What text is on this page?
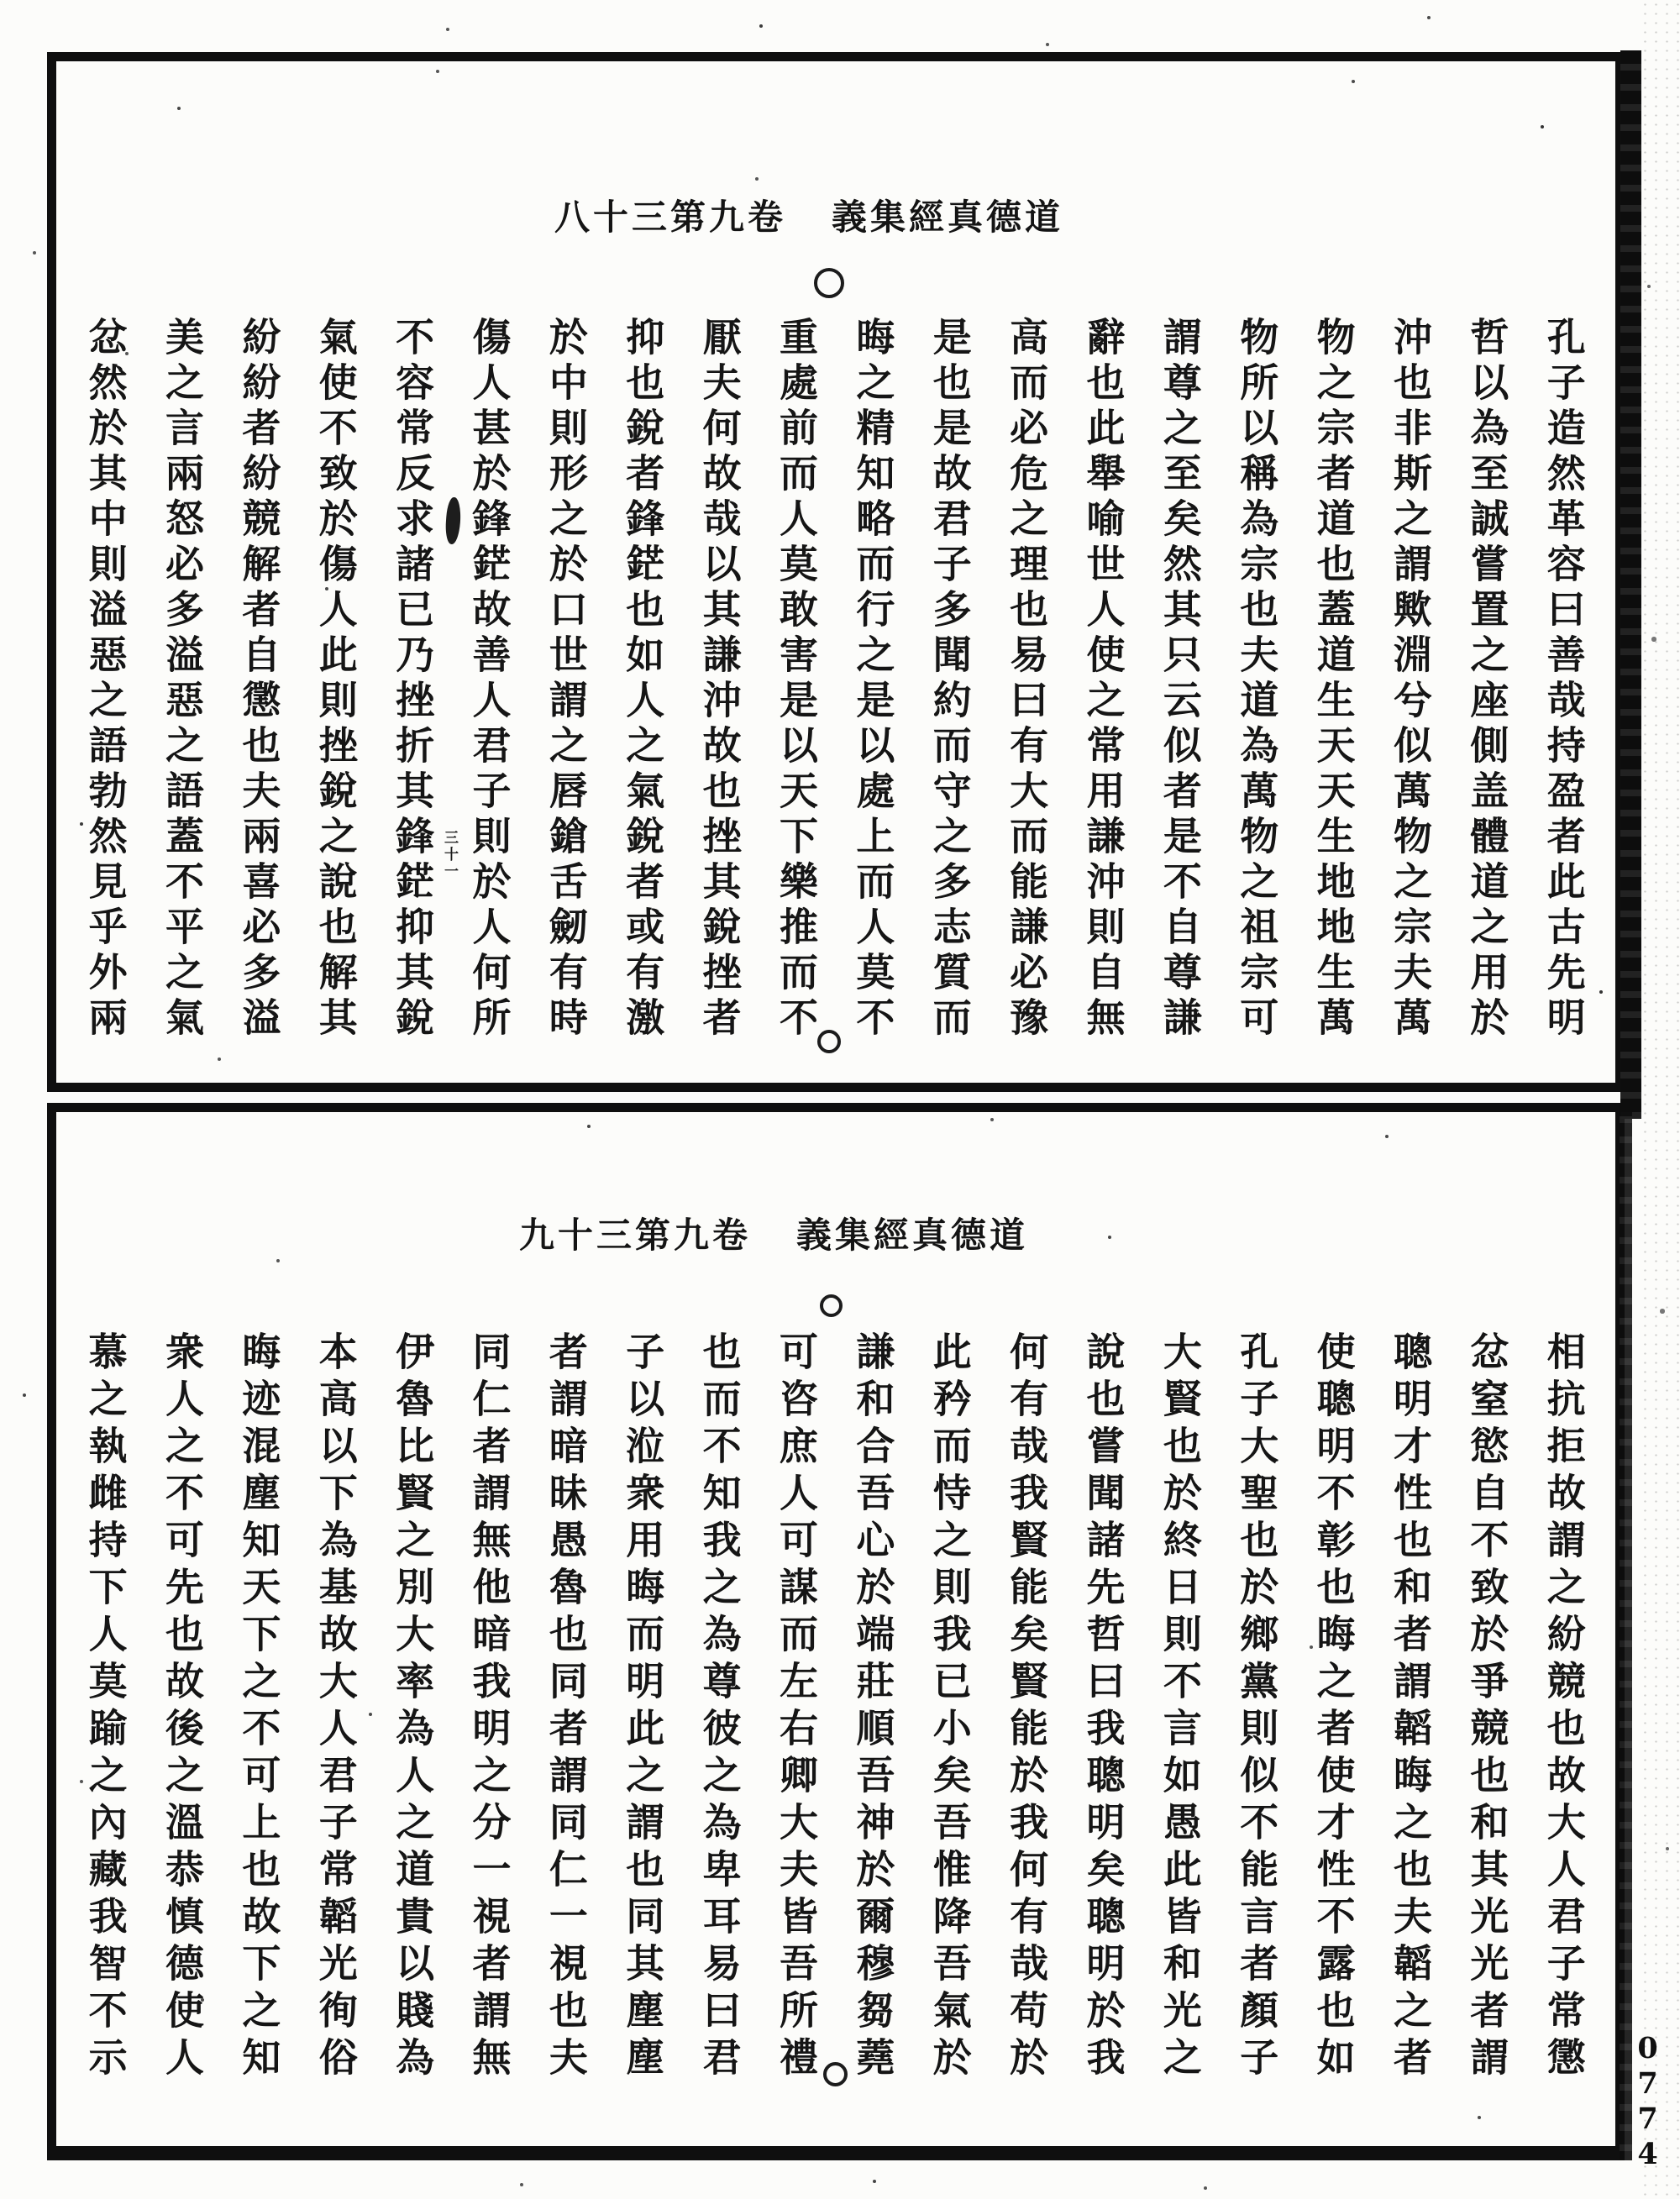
八十三第九卷 義集經真德道
孔子造然革容曰善哉持盈者此古先明
哲以為至誠嘗置之座側盖體道之用於
沖也非斯之謂歟淵兮似萬物之宗夫萬
物之宗者道也蓋道生天天生地地生萬
物所以稱為宗也夫道為萬物之祖宗可
謂尊之至矣然其只云似者是不自尊謙
辭也此舉喻世人使之常用謙沖則自無
高而必危之理也易曰有大而能謙必豫
是也是故君子多聞約而守之多志質而
晦之精知略而行之是以處上而人莫不
重處前而人莫敢害是以天下樂推而不
厭夫何故哉以其謙沖故也挫其銳挫者
抑也銳者鋒鋩也如人之氣銳者或有激
於中則形之於口世謂之唇鎗舌劒有時
傷人甚於鋒鋩故善人君子則於人何所
不容常反求諸已乃挫折其鋒鋩抑其銳
氣使不致於傷人此則挫銳之說也解其
紛紛者紛競解者自懲也夫兩喜必多溢
美之言兩怒必多溢惡之語蓋不平之氣
忿然於其中則溢惡之語勃然見乎外兩	三十一
九十三第九卷 義集經真德道
相抗拒故謂之紛競也故大人君子常懲
忿窒慾自不致於爭競也和其光光者謂
聰明才性也和者謂韜晦之也夫韜之者
使聰明不彰也晦之者使才性不露也如
孔子大聖也於鄉黨則似不能言者顏子
大賢也於終日則不言如愚此皆和光之
說也嘗聞諸先哲曰我聰明矣聰明於我
何有哉我賢能矣賢能於我何有哉苟於
此矜而恃之則我已小矣吾惟降吾氣於
謙和合吾心於端莊順吾神於爾穆芻蕘
可咨庶人可謀而左右卿大夫皆吾所禮
也而不知我之為尊彼之為卑耳易曰君
子以涖衆用晦而明此之謂也同其塵塵
者謂暗昧愚魯也同者謂同仁一視也夫
同仁者謂無他暗我明之分一視者謂無
伊魯比賢之別大率為人之道貴以賤為
本高以下為基故大人君子常韜光徇俗
晦迹混塵知天下之不可上也故下之知
衆人之不可先也故後之溫恭慎德使人
慕之執雌持下人莫踰之內藏我智不示
0774
